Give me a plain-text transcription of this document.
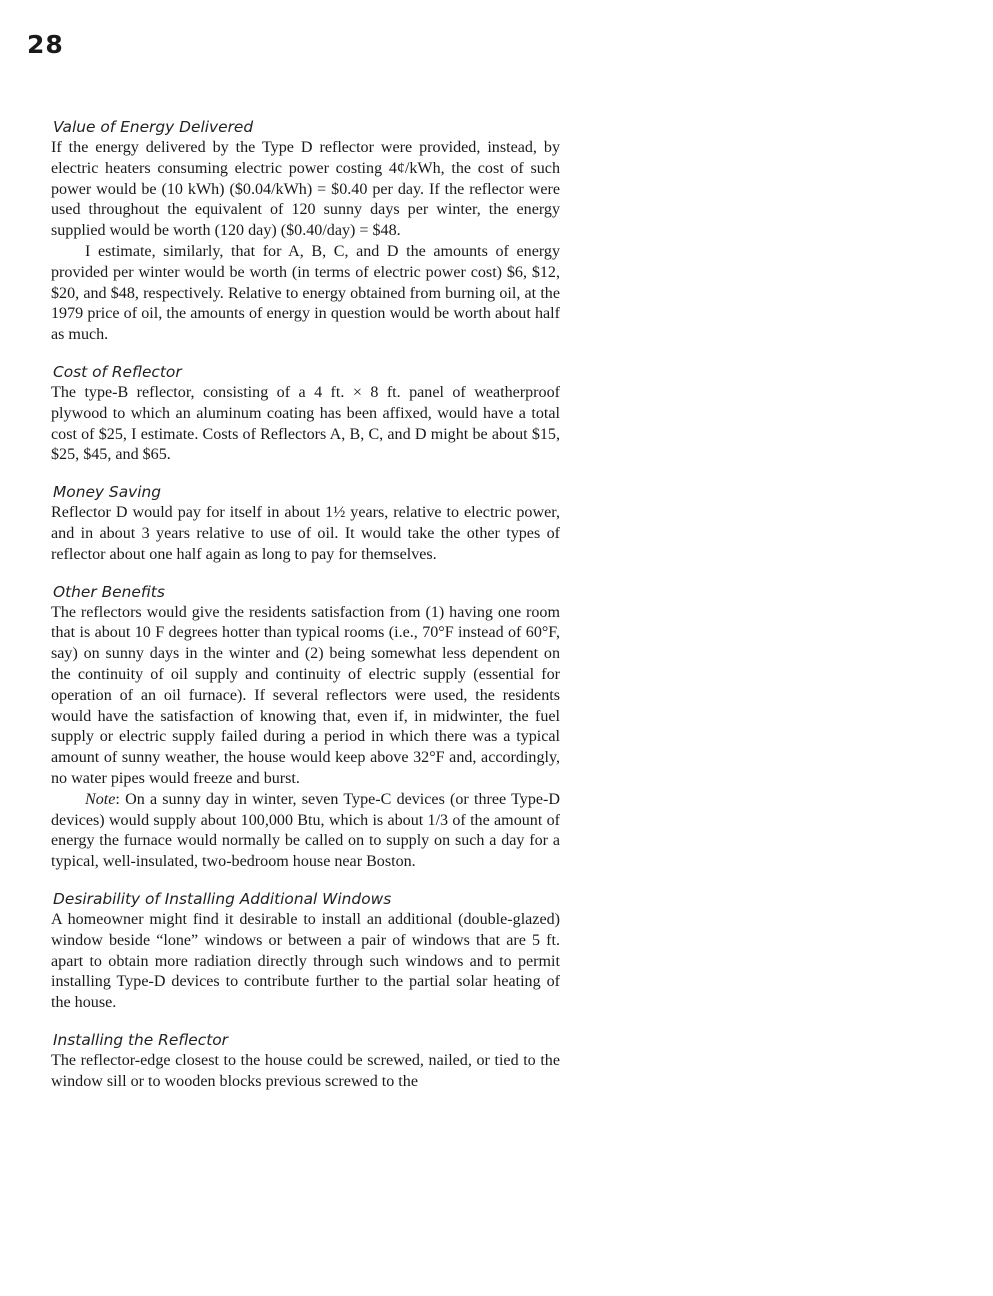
28
Value of Energy Delivered

If the energy delivered by the Type D reflector were provided, instead, by electric heaters consuming electric power costing 4¢/kWh, the cost of such power would be (10 kWh) ($0.04/kWh) = $0.40 per day. If the reflector were used throughout the equivalent of 120 sunny days per winter, the energy supplied would be worth (120 day) ($0.40/day) = $48.

I estimate, similarly, that for A, B, C, and D the amounts of energy provided per winter would be worth (in terms of electric power cost) $6, $12, $20, and $48, respectively. Relative to energy obtained from burning oil, at the 1979 price of oil, the amounts of energy in question would be worth about half as much.

Cost of Reflector

The type-B reflector, consisting of a 4 ft. × 8 ft. panel of weatherproof plywood to which an aluminum coating has been affixed, would have a total cost of $25, I estimate. Costs of Reflectors A, B, C, and D might be about $15, $25, $45, and $65.

Money Saving

Reflector D would pay for itself in about 1½ years, relative to electric power, and in about 3 years relative to use of oil. It would take the other types of reflector about one half again as long to pay for themselves.

Other Benefits

The reflectors would give the residents satisfaction from (1) having one room that is about 10 F degrees hotter than typical rooms (i.e., 70°F instead of 60°F, say) on sunny days in the winter and (2) being somewhat less dependent on the continuity of oil supply and continuity of electric supply (essential for operation of an oil furnace). If several reflectors were used, the residents would have the satisfaction of knowing that, even if, in midwinter, the fuel supply or electric supply failed during a period in which there was a typical amount of sunny weather, the house would keep above 32°F and, accordingly, no water pipes would freeze and burst.

Note: On a sunny day in winter, seven Type-C devices (or three Type-D devices) would supply about 100,000 Btu, which is about 1/3 of the amount of energy the furnace would normally be called on to supply on such a day for a typical, well-insulated, two-bedroom house near Boston.

Desirability of Installing Additional Windows

A homeowner might find it desirable to install an additional (double-glazed) window beside “lone” windows or between a pair of windows that are 5 ft. apart to obtain more radiation directly through such windows and to permit installing Type-D devices to contribute further to the partial solar heating of the house.

Installing the Reflector

The reflector-edge closest to the house could be screwed, nailed, or tied to the window sill or to wooden blocks previous screwed to the
